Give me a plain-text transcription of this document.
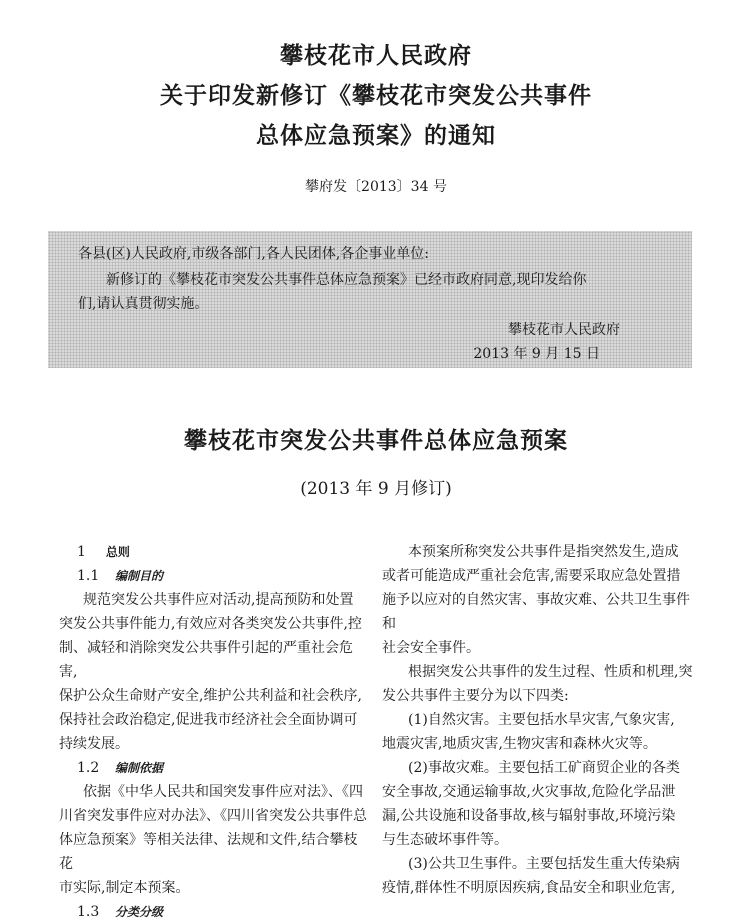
攀枝花市人民政府
关于印发新修订《攀枝花市突发公共事件
总体应急预案》的通知
攀府发〔2013〕34 号

各县(区)人民政府,市级各部门,各人民团体,各企事业单位:

新修订的《攀枝花市突发公共事件总体应急预案》已经市政府同意,现印发给你

们,请认真贯彻实施。

攀枝花市人民政府

2013 年 9 月 15 日

攀枝花市突发公共事件总体应急预案
(2013 年 9 月修订)
1 总则
1.1 编制目的
规范突发公共事件应对活动,提高预防和处置
突发公共事件能力,有效应对各类突发公共事件,控
制、减轻和消除突发公共事件引起的严重社会危害,
保护公众生命财产安全,维护公共利益和社会秩序,
保持社会政治稳定,促进我市经济社会全面协调可
持续发展。
1.2 编制依据
依据《中华人民共和国突发事件应对法》、《四
川省突发事件应对办法》、《四川省突发公共事件总
体应急预案》等相关法律、法规和文件,结合攀枝花
市实际,制定本预案。
1.3 分类分级
本预案所称突发公共事件是指突然发生,造成
或者可能造成严重社会危害,需要采取应急处置措
施予以应对的自然灾害、事故灾难、公共卫生事件和
社会安全事件。
根据突发公共事件的发生过程、性质和机理,突
发公共事件主要分为以下四类:
(1)自然灾害。主要包括水旱灾害,气象灾害,
地震灾害,地质灾害,生物灾害和森林火灾等。
(2)事故灾难。主要包括工矿商贸企业的各类
安全事故,交通运输事故,火灾事故,危险化学品泄
漏,公共设施和设备事故,核与辐射事故,环境污染
与生态破坏事件等。
(3)公共卫生事件。主要包括发生重大传染病
疫情,群体性不明原因疾病,食品安全和职业危害,
